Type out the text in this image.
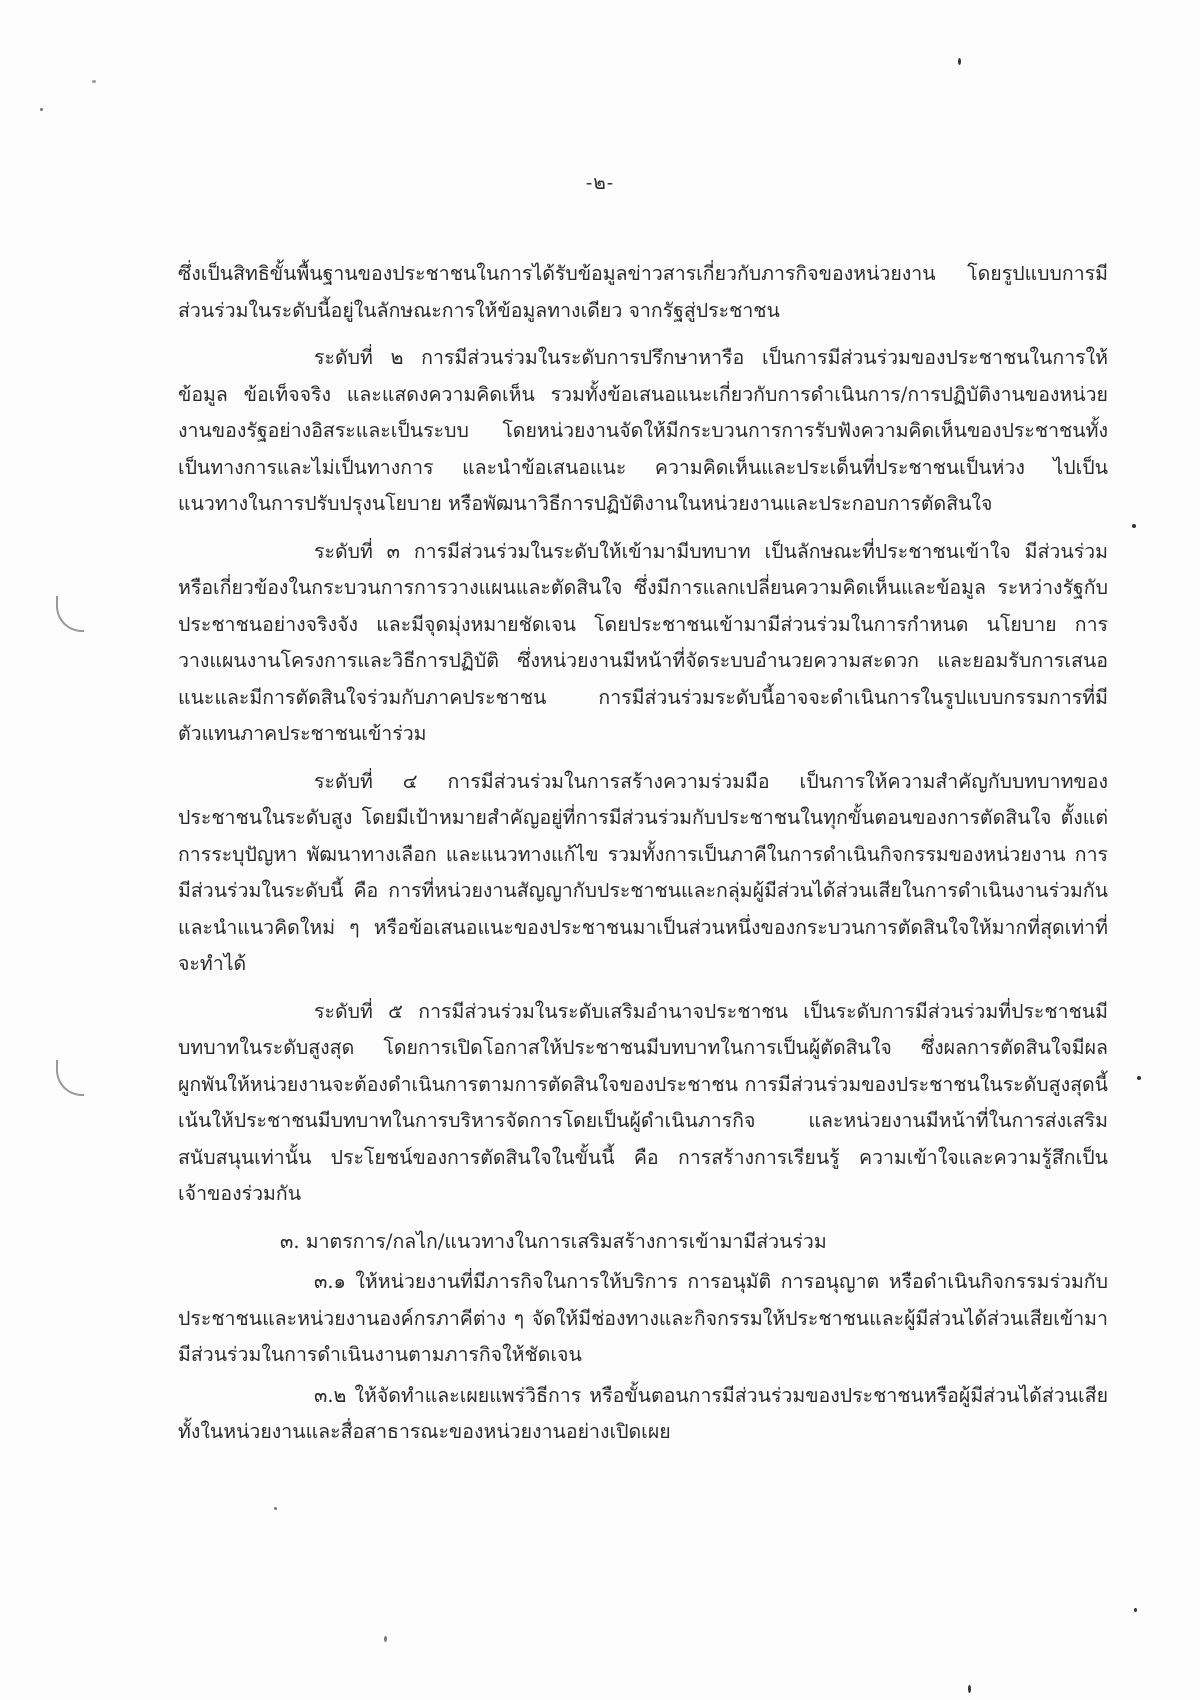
-๒-

ซึ่งเป็นสิทธิขั้นพื้นฐานของประชาชนในการได้รับข้อมูลข่าวสารเกี่ยวกับภารกิจของหน่วยงาน โดยรูปแบบการมีส่วนร่วมในระดับนี้อยู่ในลักษณะการให้ข้อมูลทางเดียว จากรัฐสู่ประชาชน

ระดับที่ ๒ การมีส่วนร่วมในระดับการปรึกษาหารือ เป็นการมีส่วนร่วมของประชาชนในการให้ข้อมูล ข้อเท็จจริง และแสดงความคิดเห็น รวมทั้งข้อเสนอแนะเกี่ยวกับการดำเนินการ/การปฏิบัติงานของหน่วยงานของรัฐอย่างอิสระและเป็นระบบ โดยหน่วยงานจัดให้มีกระบวนการการรับฟังความคิดเห็นของประชาชนทั้งเป็นทางการและไม่เป็นทางการ และนำข้อเสนอแนะ ความคิดเห็นและประเด็นที่ประชาชนเป็นห่วง ไปเป็นแนวทางในการปรับปรุงนโยบาย หรือพัฒนาวิธีการปฏิบัติงานในหน่วยงานและประกอบการตัดสินใจ

ระดับที่ ๓ การมีส่วนร่วมในระดับให้เข้ามามีบทบาท เป็นลักษณะที่ประชาชนเข้าใจ มีส่วนร่วมหรือเกี่ยวข้องในกระบวนการการวางแผนและตัดสินใจ ซึ่งมีการแลกเปลี่ยนความคิดเห็นและข้อมูล ระหว่างรัฐกับประชาชนอย่างจริงจัง และมีจุดมุ่งหมายชัดเจน โดยประชาชนเข้ามามีส่วนร่วมในการกำหนด นโยบาย การวางแผนงานโครงการและวิธีการปฏิบัติ ซึ่งหน่วยงานมีหน้าที่จัดระบบอำนวยความสะดวก และยอมรับการเสนอแนะและมีการตัดสินใจร่วมกับภาคประชาชน การมีส่วนร่วมระดับนี้อาจจะดำเนินการในรูปแบบกรรมการที่มีตัวแทนภาคประชาชนเข้าร่วม

ระดับที่ ๔ การมีส่วนร่วมในการสร้างความร่วมมือ เป็นการให้ความสำคัญกับบทบาทของประชาชนในระดับสูง โดยมีเป้าหมายสำคัญอยู่ที่การมีส่วนร่วมกับประชาชนในทุกขั้นตอนของการตัดสินใจ ตั้งแต่การระบุปัญหา พัฒนาทางเลือก และแนวทางแก้ไข รวมทั้งการเป็นภาคีในการดำเนินกิจกรรมของหน่วยงาน การมีส่วนร่วมในระดับนี้ คือ การที่หน่วยงานสัญญากับประชาชนและกลุ่มผู้มีส่วนได้ส่วนเสียในการดำเนินงานร่วมกัน และนำแนวคิดใหม่ ๆ หรือข้อเสนอแนะของประชาชนมาเป็นส่วนหนึ่งของกระบวนการตัดสินใจให้มากที่สุดเท่าที่จะทำได้

ระดับที่ ๕ การมีส่วนร่วมในระดับเสริมอำนาจประชาชน เป็นระดับการมีส่วนร่วมที่ประชาชนมีบทบาทในระดับสูงสุด โดยการเปิดโอกาสให้ประชาชนมีบทบาทในการเป็นผู้ตัดสินใจ ซึ่งผลการตัดสินใจมีผลผูกพันให้หน่วยงานจะต้องดำเนินการตามการตัดสินใจของประชาชน การมีส่วนร่วมของประชาชนในระดับสูงสุดนี้ เน้นให้ประชาชนมีบทบาทในการบริหารจัดการโดยเป็นผู้ดำเนินภารกิจ และหน่วยงานมีหน้าที่ในการส่งเสริมสนับสนุนเท่านั้น ประโยชน์ของการตัดสินใจในขั้นนี้ คือ การสร้างการเรียนรู้ ความเข้าใจและความรู้สึกเป็นเจ้าของร่วมกัน

๓. มาตรการ/กลไก/แนวทางในการเสริมสร้างการเข้ามามีส่วนร่วม

๓.๑ ให้หน่วยงานที่มีภารกิจในการให้บริการ การอนุมัติ การอนุญาต หรือดำเนินกิจกรรมร่วมกับประชาชนและหน่วยงานองค์กรภาคีต่าง ๆ จัดให้มีช่องทางและกิจกรรมให้ประชาชนและผู้มีส่วนได้ส่วนเสียเข้ามามีส่วนร่วมในการดำเนินงานตามภารกิจให้ชัดเจน

๓.๒ ให้จัดทำและเผยแพร่วิธีการ หรือขั้นตอนการมีส่วนร่วมของประชาชนหรือผู้มีส่วนได้ส่วนเสีย ทั้งในหน่วยงานและสื่อสาธารณะของหน่วยงานอย่างเปิดเผย
